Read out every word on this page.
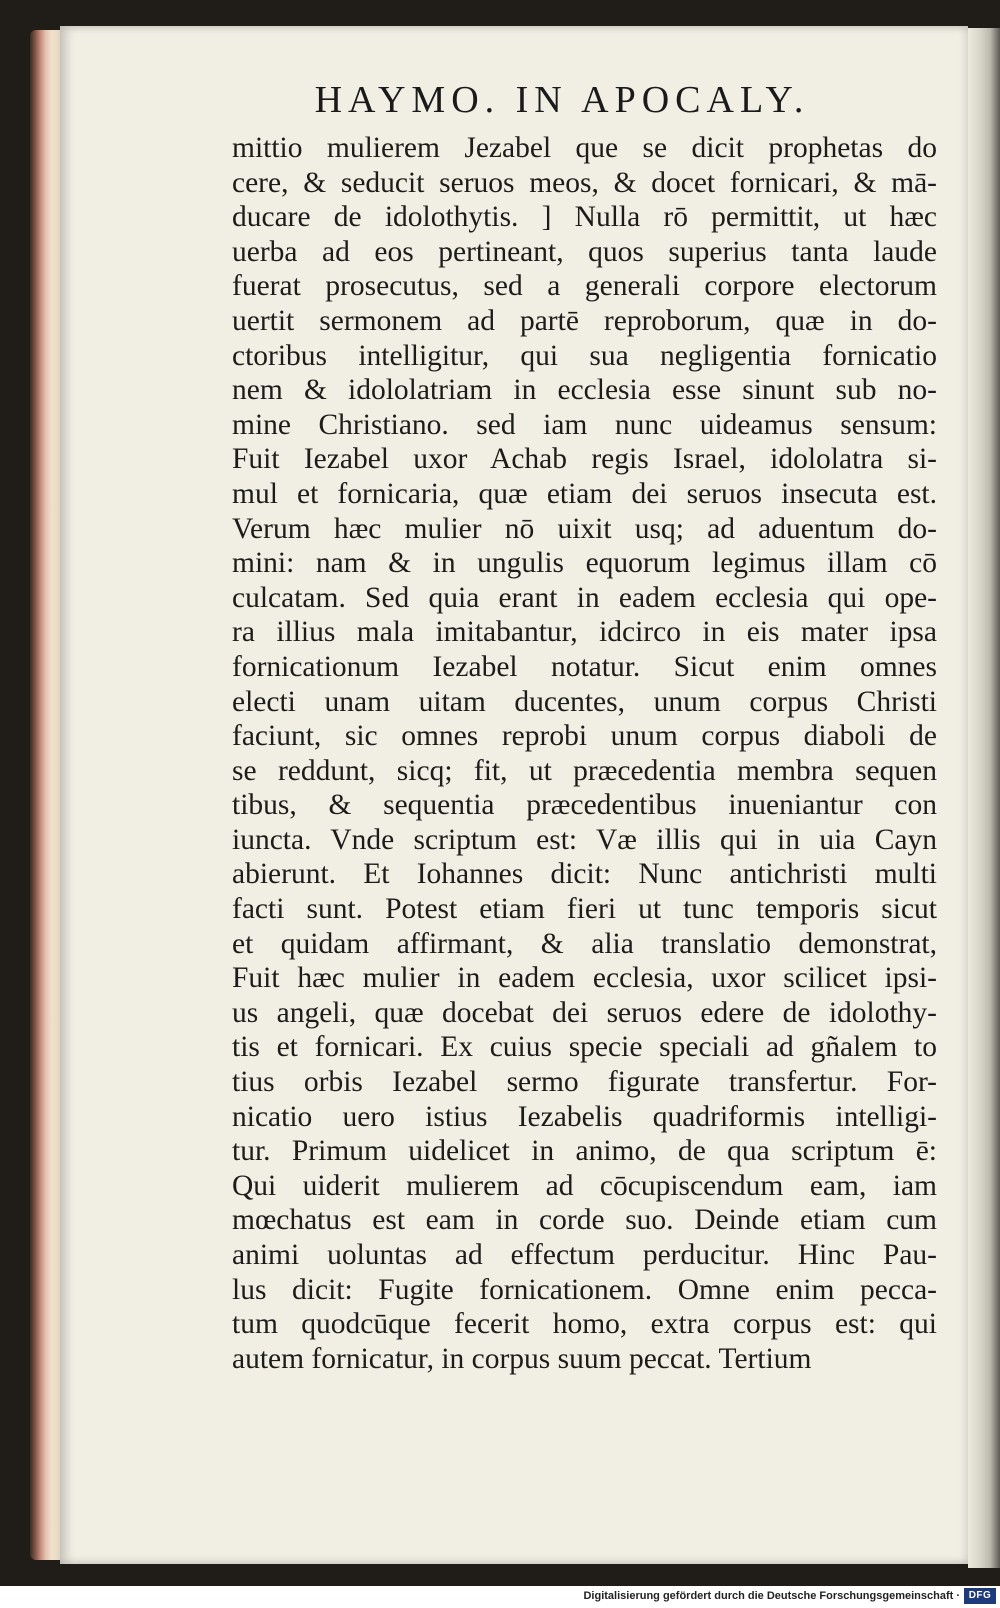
HAYMO. IN APOCALY.
mittio mulierem Jezabel que se dicit prophetas do
cere, & seducit seruos meos, & docet fornicari, & mā-
ducare de idolothytis. ] Nulla rō permittit, ut hæc
uerba ad eos pertineant, quos superius tanta laude
fuerat prosecutus, sed a generali corpore electorum
uertit sermonem ad partē reproborum, quæ in do-
ctoribus intelligitur, qui sua negligentia fornicatio
nem & idololatriam in ecclesia esse sinunt sub no-
mine Christiano. sed iam nunc uideamus sensum:
Fuit Iezabel uxor Achab regis Israel, idololatra si-
mul et fornicaria, quæ etiam dei seruos insecuta est.
Verum hæc mulier nō uixit usq; ad aduentum do-
mini: nam & in ungulis equorum legimus illam cō
culcatam. Sed quia erant in eadem ecclesia qui ope-
ra illius mala imitabantur, idcirco in eis mater ipsa
fornicationum Iezabel notatur. Sicut enim omnes
electi unam uitam ducentes, unum corpus Christi
faciunt, sic omnes reprobi unum corpus diaboli de
se reddunt, sicq; fit, ut præcedentia membra sequen
tibus, & sequentia præcedentibus inueniantur con
iuncta. Vnde scriptum est: Væ illis qui in uia Cayn
abierunt. Et Iohannes dicit: Nunc antichristi multi
facti sunt. Potest etiam fieri ut tunc temporis sicut
et quidam affirmant, & alia translatio demonstrat,
Fuit hæc mulier in eadem ecclesia, uxor scilicet ipsi-
us angeli, quæ docebat dei seruos edere de idolothy-
tis et fornicari. Ex cuius specie speciali ad gñalem to
tius orbis Iezabel sermo figurate transfertur. For-
nicatio uero istius Iezabelis quadriformis intelligi-
tur. Primum uidelicet in animo, de qua scriptum ē:
Qui uiderit mulierem ad cōcupiscendum eam, iam
mœchatus est eam in corde suo. Deinde etiam cum
animi uoluntas ad effectum perducitur. Hinc Pau-
lus dicit: Fugite fornicationem. Omne enim pecca-
tum quodcūque fecerit homo, extra corpus est: qui
autem fornicatur, in corpus suum peccat. Tertium
Digitalisierung gefördert durch die Deutsche Forschungsgemeinschaft · DFG
